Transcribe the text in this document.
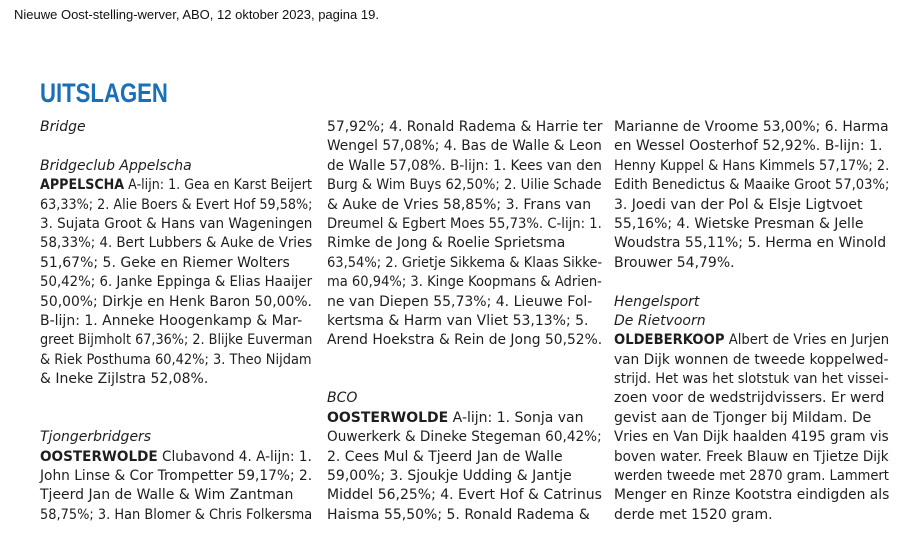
Nieuwe Oost-stelling-werver, ABO, 12 oktober 2023, pagina 19.
UITSLAGEN
Bridge
Bridgeclub Appelscha
APPELSCHA A-lijn: 1. Gea en Karst Beijert
63,33%; 2. Alie Boers & Evert Hof 59,58%;
3. Sujata Groot & Hans van Wageningen
58,33%; 4. Bert Lubbers & Auke de Vries
51,67%; 5. Geke en Riemer Wolters
50,42%; 6. Janke Eppinga & Elias Haaijer
50,00%; Dirkje en Henk Baron 50,00%.
B-lijn: 1. Anneke Hoogenkamp & Mar-
greet Bijmholt 67,36%; 2. Blijke Euverman
& Riek Posthuma 60,42%; 3. Theo Nijdam
& Ineke Zijlstra 52,08%.
Tjongerbridgers
OOSTERWOLDE Clubavond 4. A-lijn: 1.
John Linse & Cor Trompetter 59,17%; 2.
Tjeerd Jan de Walle & Wim Zantman
58,75%; 3. Han Blomer & Chris Folkersma
57,92%; 4. Ronald Radema & Harrie ter
Wengel 57,08%; 4. Bas de Walle & Leon
de Walle 57,08%. B-lijn: 1. Kees van den
Burg & Wim Buys 62,50%; 2. Uilie Schade
& Auke de Vries 58,85%; 3. Frans van
Dreumel & Egbert Moes 55,73%. C-lijn: 1.
Rimke de Jong & Roelie Sprietsma
63,54%; 2. Grietje Sikkema & Klaas Sikke-
ma 60,94%; 3. Kinge Koopmans & Adrien-
ne van Diepen 55,73%; 4. Lieuwe Fol-
kertsma & Harm van Vliet 53,13%; 5.
Arend Hoekstra & Rein de Jong 50,52%.
BCO
OOSTERWOLDE A-lijn: 1. Sonja van
Ouwerkerk & Dineke Stegeman 60,42%;
2. Cees Mul & Tjeerd Jan de Walle
59,00%; 3. Sjoukje Udding & Jantje
Middel 56,25%; 4. Evert Hof & Catrinus
Haisma 55,50%; 5. Ronald Radema &
Marianne de Vroome 53,00%; 6. Harma
en Wessel Oosterhof 52,92%. B-lijn: 1.
Henny Kuppel & Hans Kimmels 57,17%; 2.
Edith Benedictus & Maaike Groot 57,03%;
3. Joedi van der Pol & Elsje Ligtvoet
55,16%; 4. Wietske Presman & Jelle
Woudstra 55,11%; 5. Herma en Winold
Brouwer 54,79%.
Hengelsport
De Rietvoorn
OLDEBERKOOP Albert de Vries en Jurjen
van Dijk wonnen de tweede koppelwed-
strijd. Het was het slotstuk van het vissei-
zoen voor de wedstrijdvissers. Er werd
gevist aan de Tjonger bij Mildam. De
Vries en Van Dijk haalden 4195 gram vis
boven water. Freek Blauw en Tjietze Dijk
werden tweede met 2870 gram. Lammert
Menger en Rinze Kootstra eindigden als
derde met 1520 gram.
